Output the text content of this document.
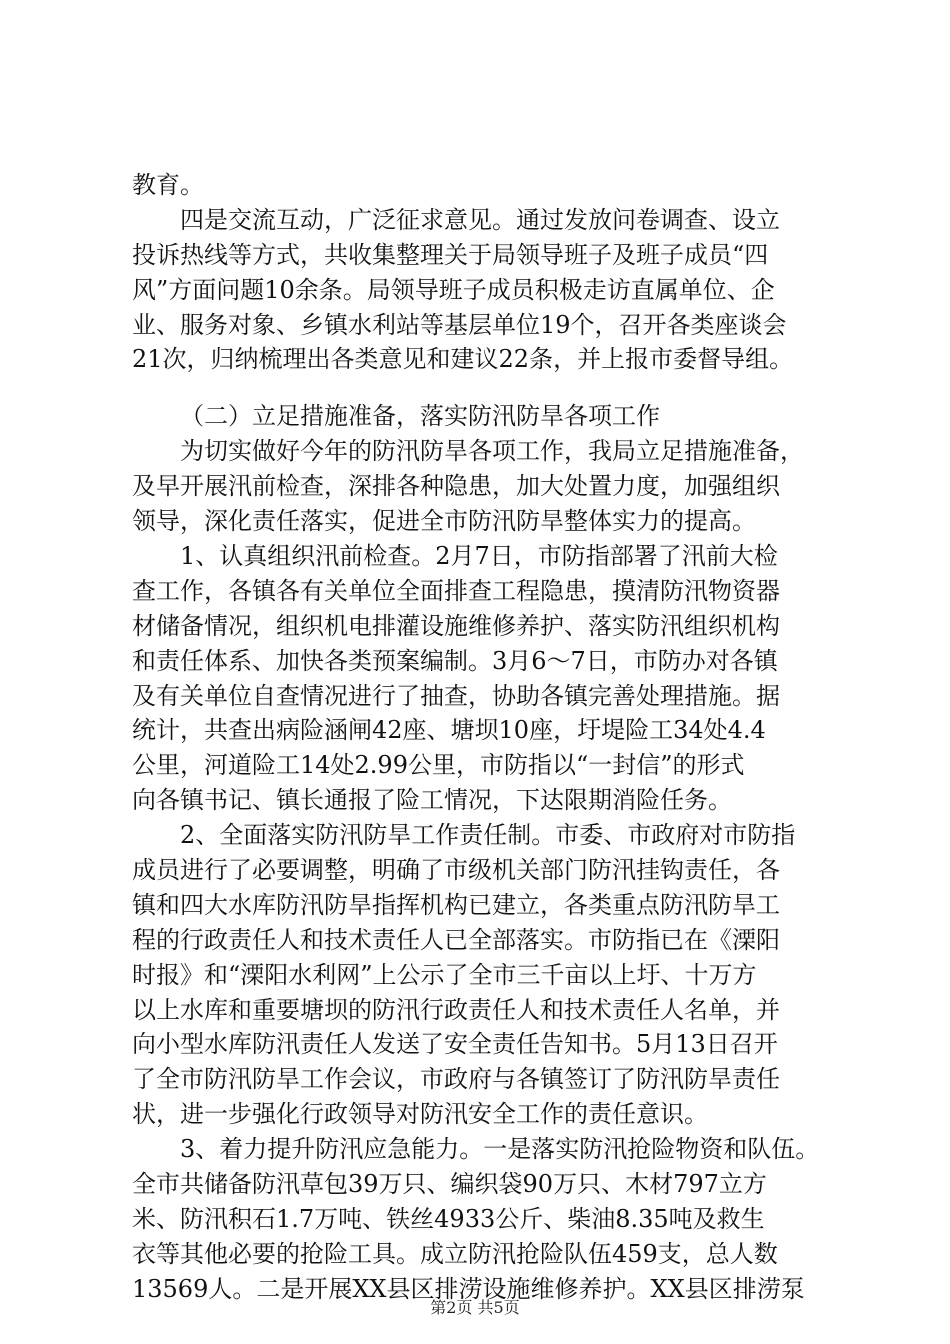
教育。
四是交流互动，广泛征求意见。通过发放问卷调查、设立
投诉热线等方式，共收集整理关于局领导班子及班子成员“四
风”方面问题10余条。局领导班子成员积极走访直属单位、企
业、服务对象、乡镇水利站等基层单位19个，召开各类座谈会
21次，归纳梳理出各类意见和建议22条，并上报市委督导组。
（二）立足措施准备，落实防汛防旱各项工作
为切实做好今年的防汛防旱各项工作，我局立足措施准备，
及早开展汛前检查，深排各种隐患，加大处置力度，加强组织
领导，深化责任落实，促进全市防汛防旱整体实力的提高。
1、认真组织汛前检查。2月7日，市防指部署了汛前大检
查工作，各镇各有关单位全面排查工程隐患，摸清防汛物资器
材储备情况，组织机电排灌设施维修养护、落实防汛组织机构
和责任体系、加快各类预案编制。3月6～7日，市防办对各镇
及有关单位自查情况进行了抽查，协助各镇完善处理措施。据
统计，共查出病险涵闸42座、塘坝10座，圩堤险工34处4.4
公里，河道险工14处2.99公里，市防指以“一封信”的形式
向各镇书记、镇长通报了险工情况，下达限期消险任务。
2、全面落实防汛防旱工作责任制。市委、市政府对市防指
成员进行了必要调整，明确了市级机关部门防汛挂钩责任，各
镇和四大水库防汛防旱指挥机构已建立，各类重点防汛防旱工
程的行政责任人和技术责任人已全部落实。市防指已在《溧阳
时报》和“溧阳水利网”上公示了全市三千亩以上圩、十万方
以上水库和重要塘坝的防汛行政责任人和技术责任人名单，并
向小型水库防汛责任人发送了安全责任告知书。5月13日召开
了全市防汛防旱工作会议，市政府与各镇签订了防汛防旱责任
状，进一步强化行政领导对防汛安全工作的责任意识。
3、着力提升防汛应急能力。一是落实防汛抢险物资和队伍。
全市共储备防汛草包39万只、编织袋90万只、木材797立方
米、防汛积石1.7万吨、铁丝4933公斤、柴油8.35吨及救生
衣等其他必要的抢险工具。成立防汛抢险队伍459支，总人数
13569人。二是开展XX县区排涝设施维修养护。XX县区排涝泵
第2页 共5页
